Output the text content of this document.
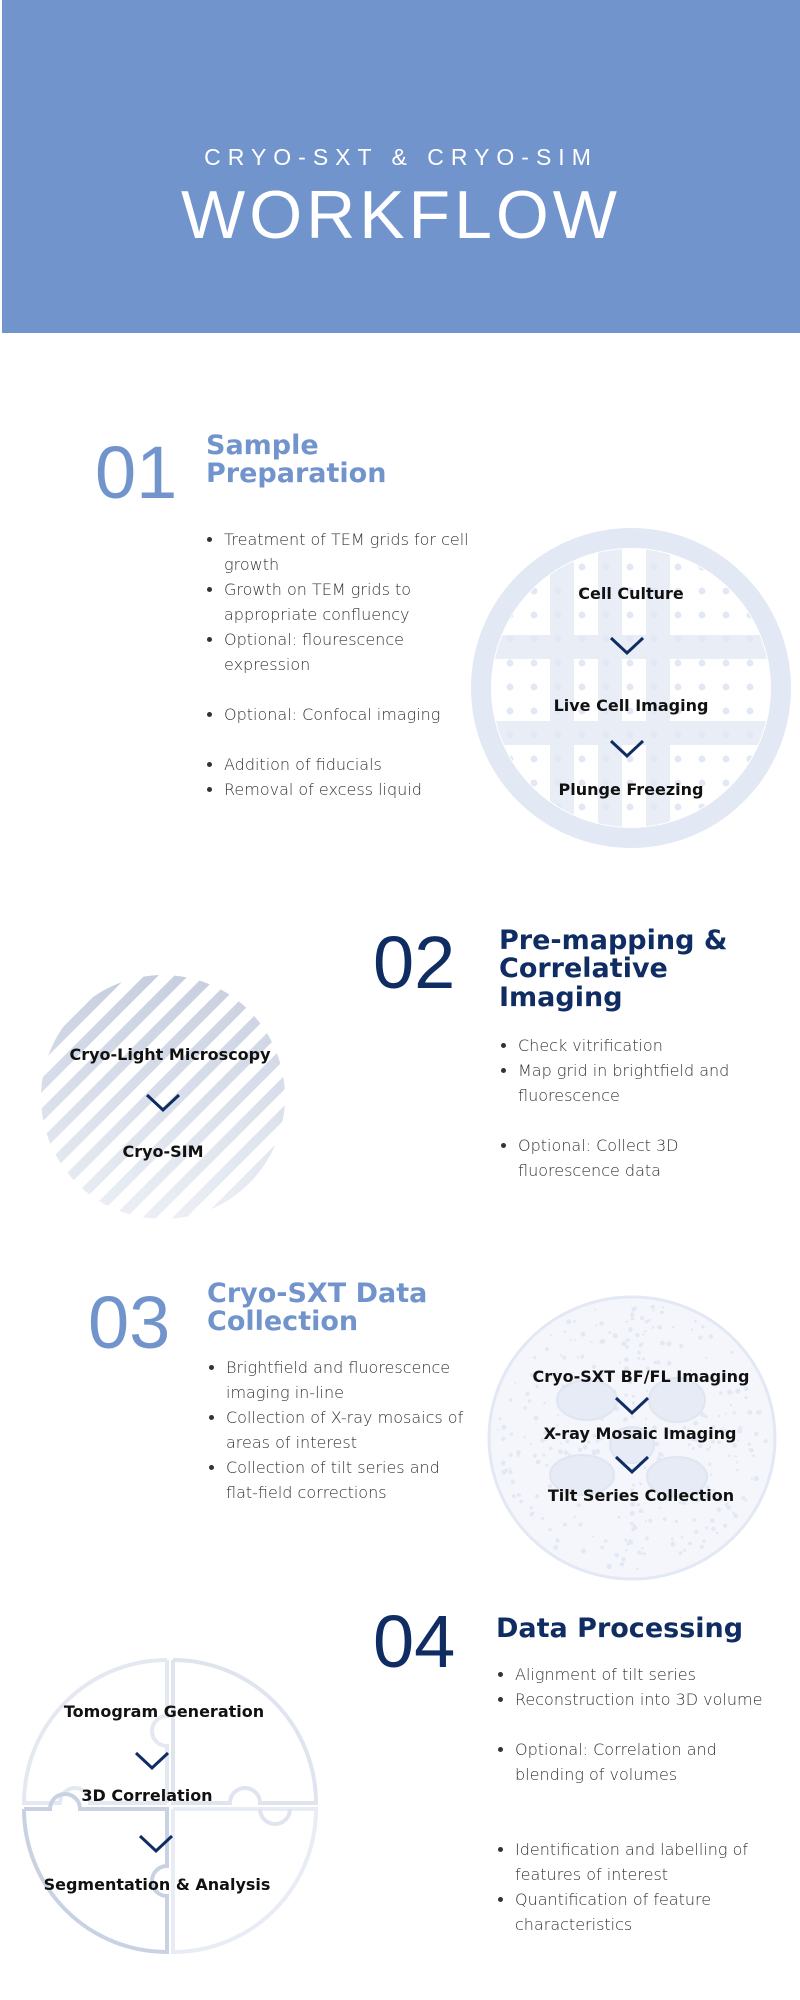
CRYO-SXT & CRYO-SIM
WORKFLOW
01 Sample
Preparation
• Treatment of TEM grids for cell growth
• Growth on TEM grids to appropriate confluency
• Optional: flourescence expression
• Optional: Confocal imaging
• Addition of fiducials
• Removal of excess liquid
Cell Culture
Live Cell Imaging
Plunge Freezing
02 Pre-mapping &
Correlative
Imaging
• Check vitrification
• Map grid in brightfield and fluorescence
• Optional: Collect 3D fluorescence data
Cryo-Light Microscopy
Cryo-SIM
03 Cryo-SXT Data
Collection
• Brightfield and fluorescence imaging in-line
• Collection of X-ray mosaics of areas of interest
• Collection of tilt series and flat-field corrections
Cryo-SXT BF/FL Imaging
X-ray Mosaic Imaging
Tilt Series Collection
04 Data Processing
• Alignment of tilt series
• Reconstruction into 3D volume
• Optional: Correlation and blending of volumes
• Identification and labelling of features of interest
• Quantification of feature characteristics
Tomogram Generation
3D Correlation
Segmentation & Analysis
